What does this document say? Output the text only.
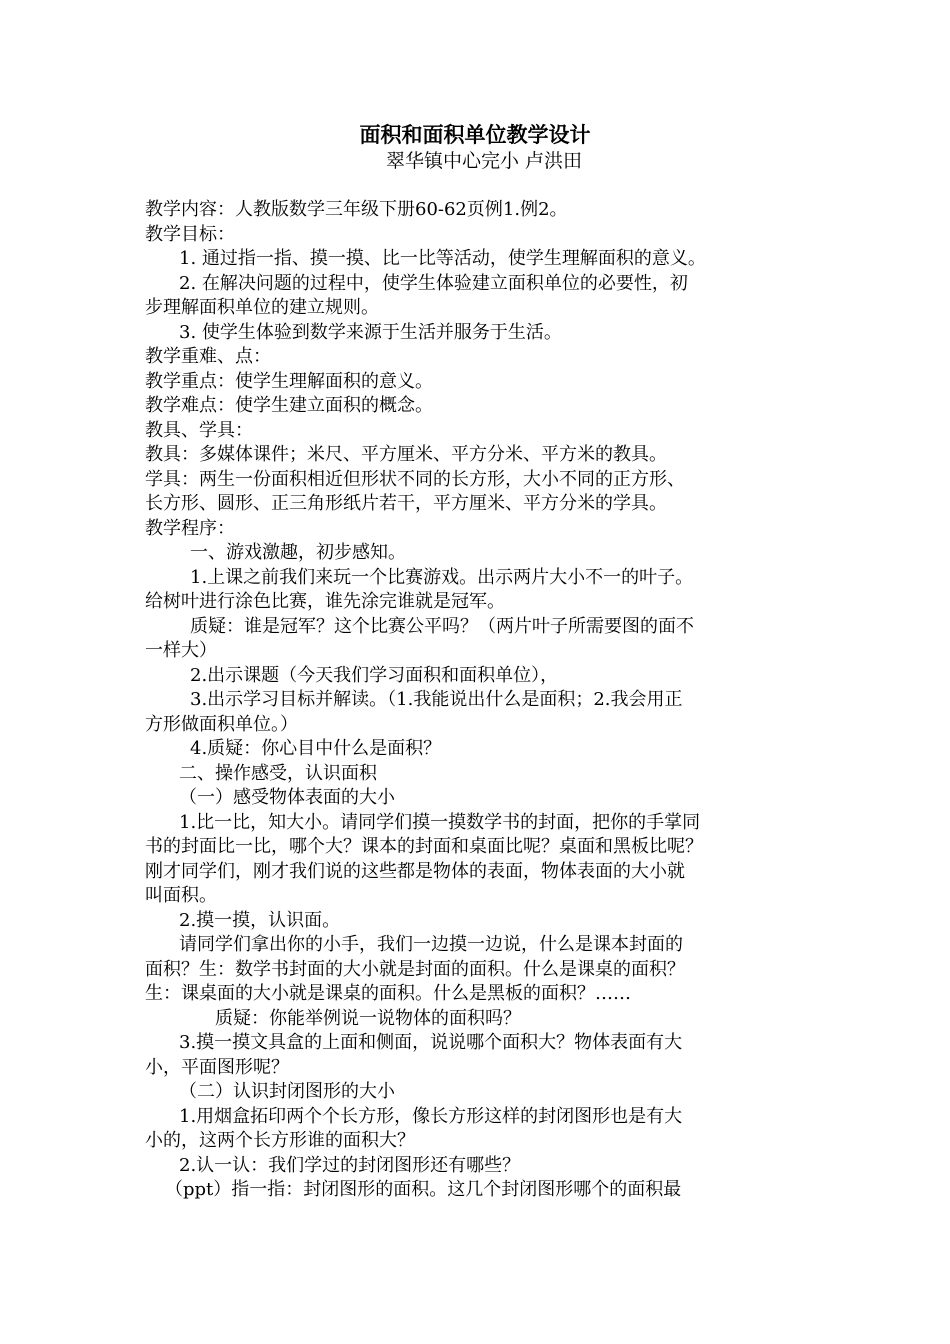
面积和面积单位教学设计
翠华镇中心完小 卢洪田
教学内容：人教版数学三年级下册60-62页例1.例2。
教学目标：
1. 通过指一指、摸一摸、比一比等活动，使学生理解面积的意义。
2. 在解决问题的过程中，使学生体验建立面积单位的必要性，初
步理解面积单位的建立规则。
3. 使学生体验到数学来源于生活并服务于生活。
教学重难、点：
教学重点：使学生理解面积的意义。
教学难点：使学生建立面积的概念。
教具、学具：
教具：多媒体课件；米尺、平方厘米、平方分米、平方米的教具。
学具：两生一份面积相近但形状不同的长方形，大小不同的正方形、
长方形、圆形、正三角形纸片若干，平方厘米、平方分米的学具。
教学程序：
一、游戏激趣，初步感知。
1.上课之前我们来玩一个比赛游戏。出示两片大小不一的叶子。
给树叶进行涂色比赛，谁先涂完谁就是冠军。
质疑：谁是冠军？这个比赛公平吗？（两片叶子所需要图的面不
一样大）
2.出示课题（今天我们学习面积和面积单位），
3.出示学习目标并解读。（1.我能说出什么是面积；2.我会用正
方形做面积单位。）
4.质疑：你心目中什么是面积？
二、操作感受，认识面积
（一）感受物体表面的大小
1.比一比，知大小。请同学们摸一摸数学书的封面，把你的手掌同
书的封面比一比，哪个大？课本的封面和桌面比呢？桌面和黑板比呢？
刚才同学们，刚才我们说的这些都是物体的表面，物体表面的大小就
叫面积。
2.摸一摸，认识面。
请同学们拿出你的小手，我们一边摸一边说，什么是课本封面的
面积？生：数学书封面的大小就是封面的面积。什么是课桌的面积？
生：课桌面的大小就是课桌的面积。什么是黑板的面积？……
质疑：你能举例说一说物体的面积吗？
3.摸一摸文具盒的上面和侧面，说说哪个面积大？物体表面有大
小，平面图形呢？
（二）认识封闭图形的大小
1.用烟盒拓印两个个长方形，像长方形这样的封闭图形也是有大
小的，这两个长方形谁的面积大？
2.认一认：我们学过的封闭图形还有哪些？
（ppt）指一指：封闭图形的面积。这几个封闭图形哪个的面积最
